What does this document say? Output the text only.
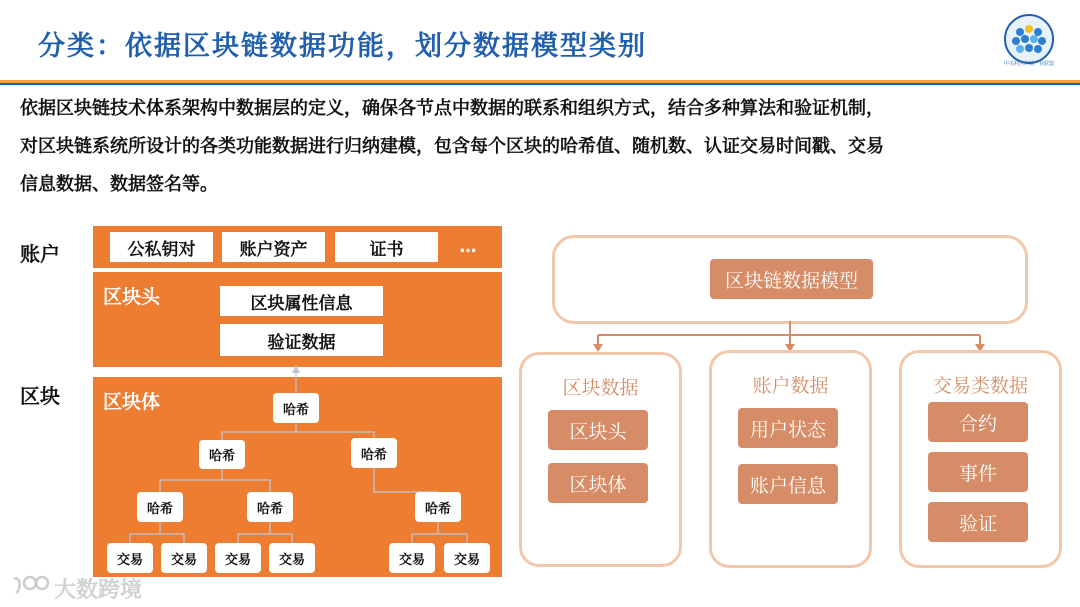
分类：依据区块链数据功能，划分数据模型类别
中关村区块链产业联盟
依据区块链技术体系架构中数据层的定义，确保各节点中数据的联系和组织方式，结合多种算法和验证机制，
对区块链系统所设计的各类功能数据进行归纳建模，包含每个区块的哈希值、随机数、认证交易时间戳、交易
信息数据、数据签名等。
账户
区块
公私钥对	账户资产	证书	…
区块头	区块属性信息
验证数据
区块体	哈希
哈希	哈希
哈希	哈希	哈希
交易	交易	交易	交易	交易	交易
区块链数据模型
区块数据
区块头
区块体
账户数据
用户状态
账户信息
交易类数据
合约
事件
验证
大数跨境
